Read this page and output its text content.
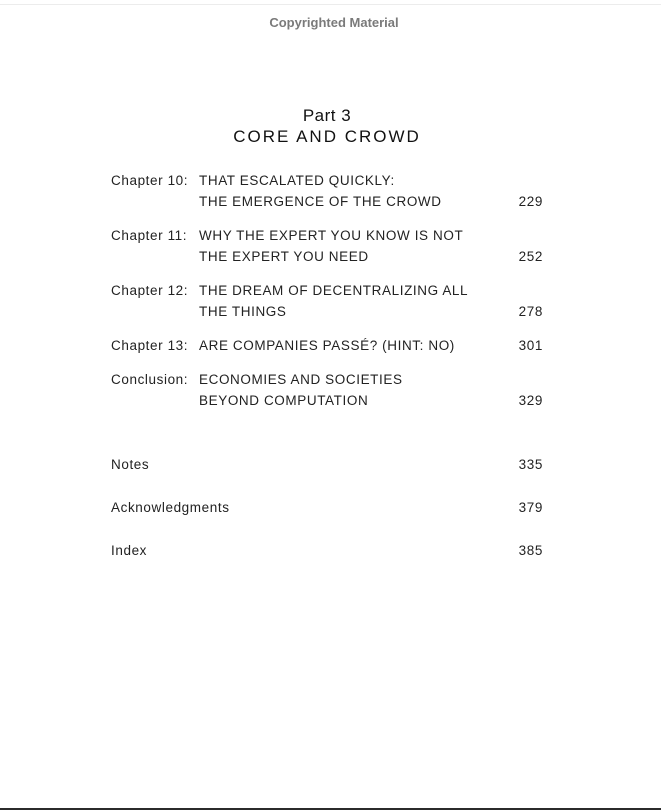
Copyrighted Material
Part 3
CORE AND CROWD
Chapter 10: THAT ESCALATED QUICKLY:
THE EMERGENCE OF THE CROWD	229
Chapter 11: WHY THE EXPERT YOU KNOW IS NOT
THE EXPERT YOU NEED	252
Chapter 12: THE DREAM OF DECENTRALIZING ALL
THE THINGS	278
Chapter 13: ARE COMPANIES PASSÉ? (HINT: NO)	301
Conclusion: ECONOMIES AND SOCIETIES
BEYOND COMPUTATION	329
Notes	335
Acknowledgments	379
Index	385
